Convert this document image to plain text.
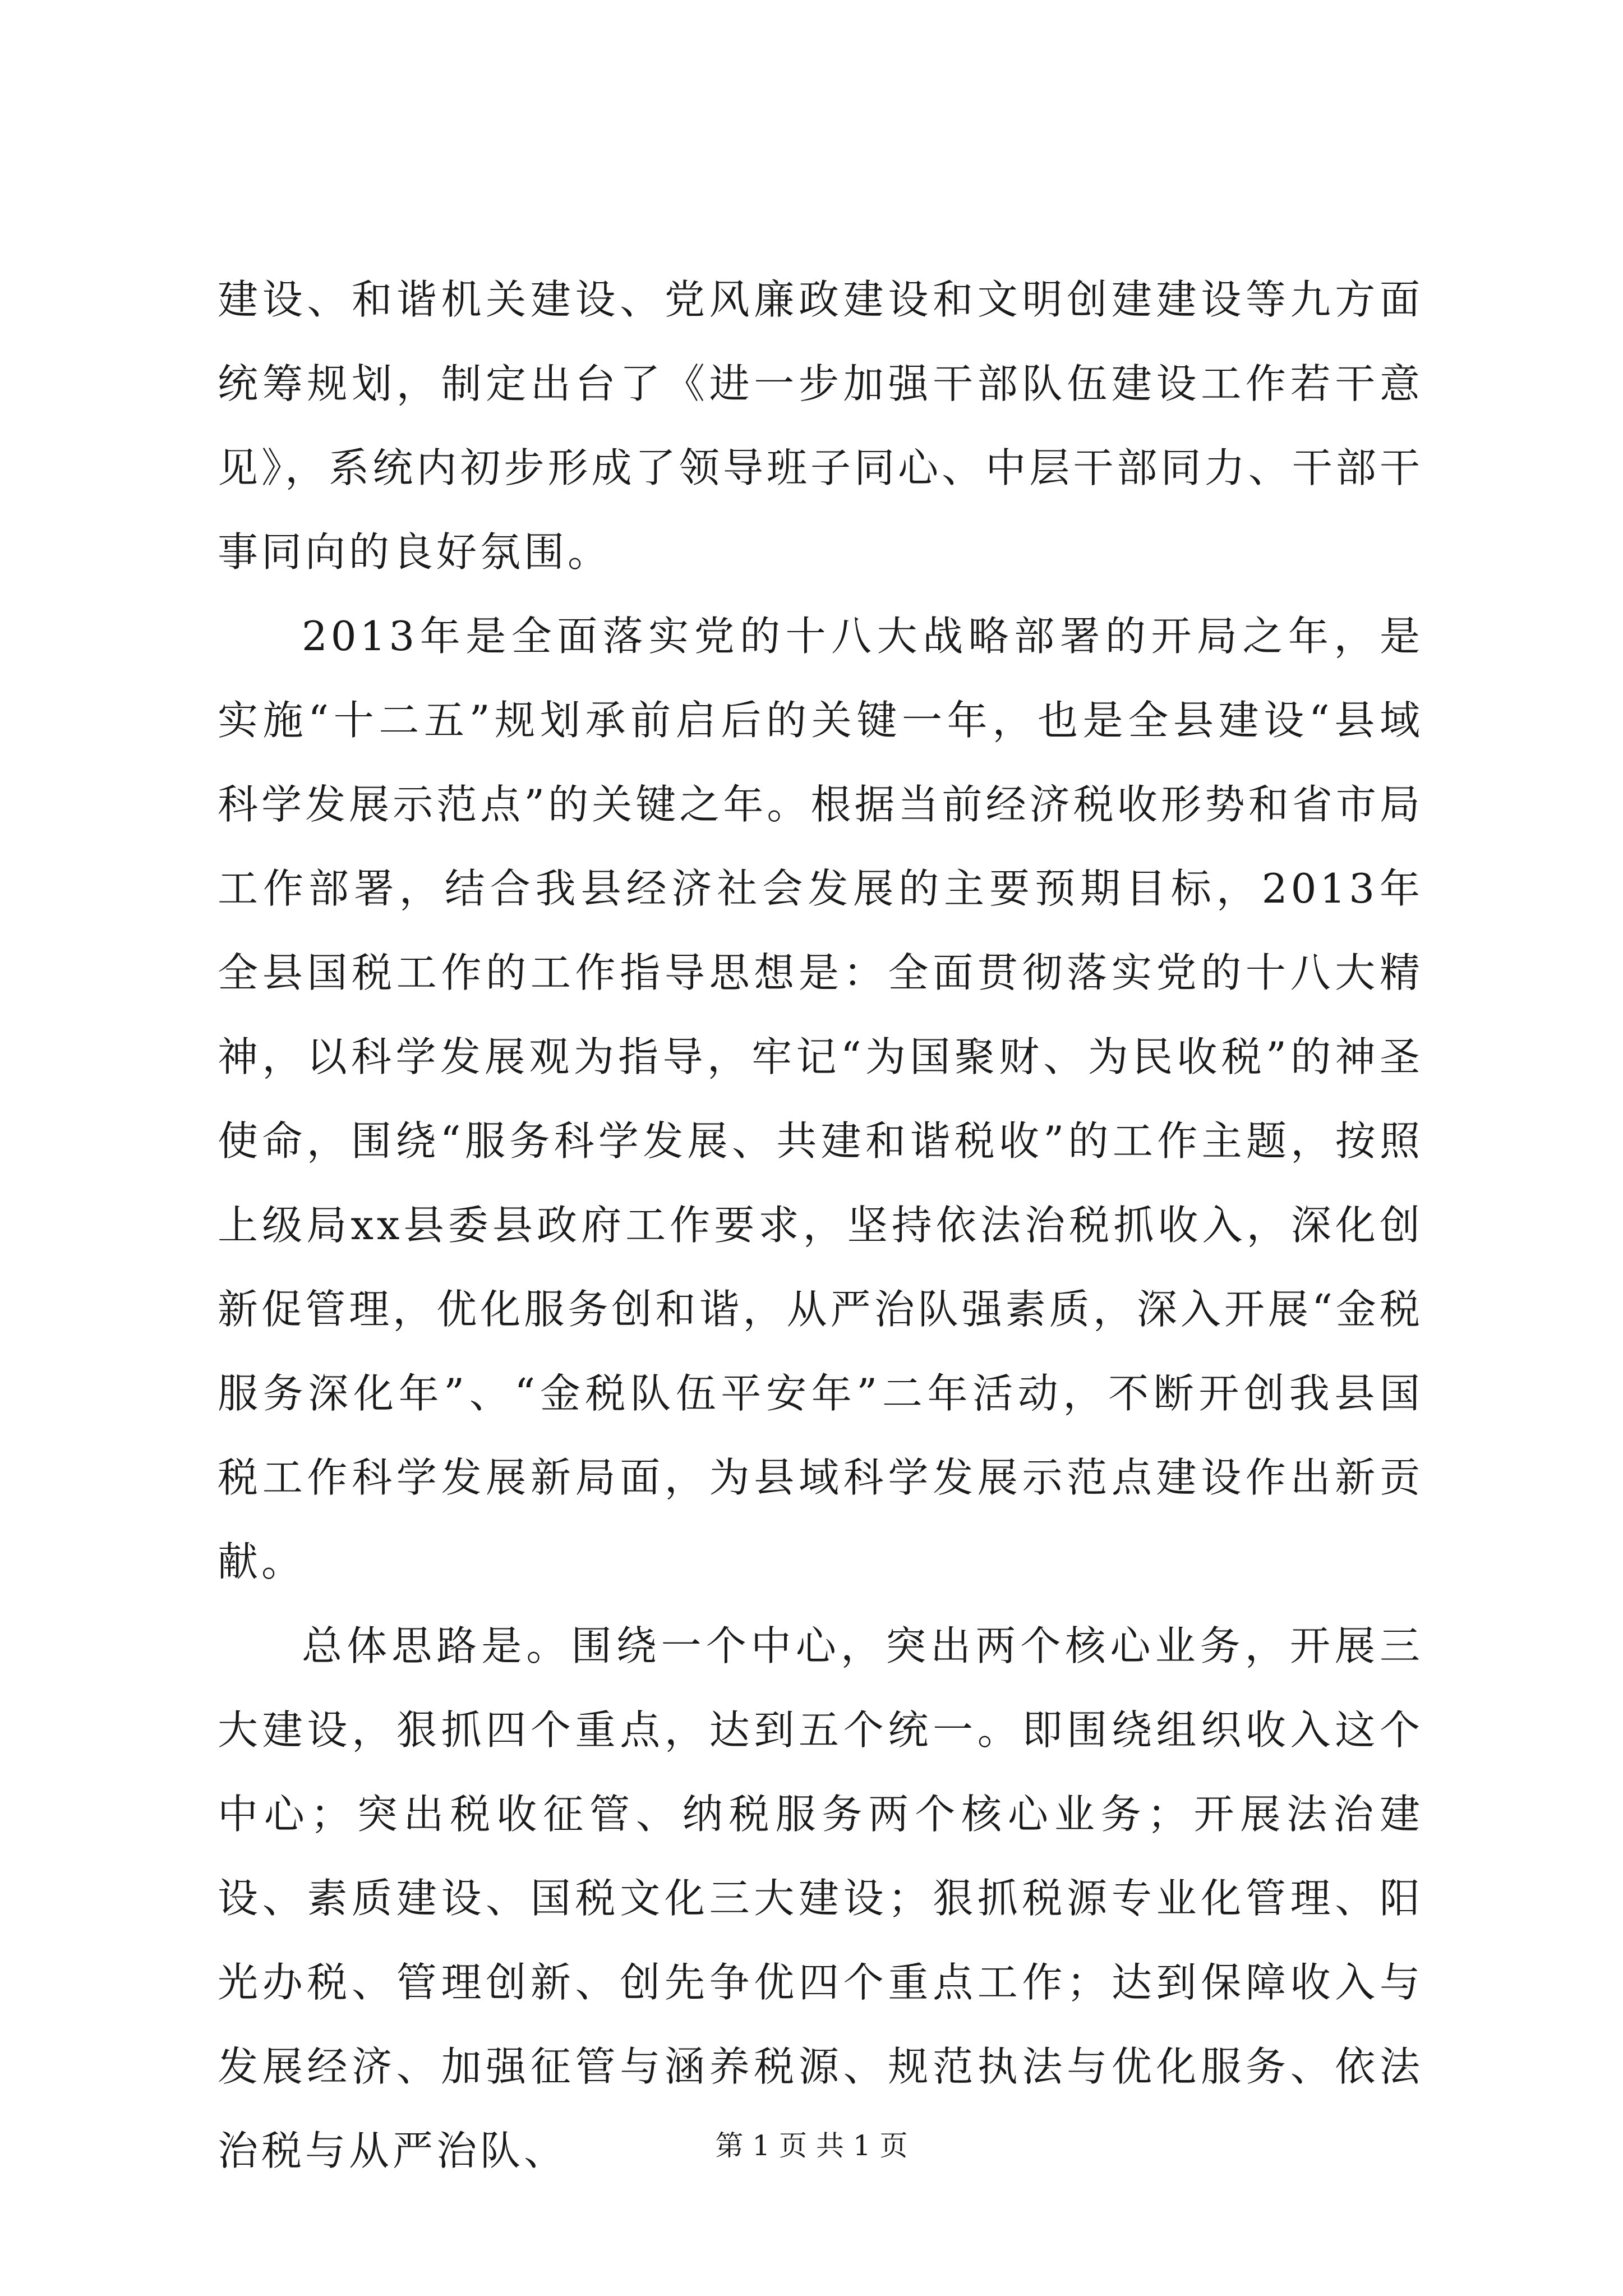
建设、和谐机关建设、党风廉政建设和文明创建建设等九方面统筹规划，制定出台了《进一步加强干部队伍建设工作若干意见》，系统内初步形成了领导班子同心、中层干部同力、干部干事同向的良好氛围。

2013年是全面落实党的十八大战略部署的开局之年，是实施“十二五”规划承前启后的关键一年，也是全县建设“县域科学发展示范点”的关键之年。根据当前经济税收形势和省市局工作部署，结合我县经济社会发展的主要预期目标，2013年全县国税工作的工作指导思想是：全面贯彻落实党的十八大精神，以科学发展观为指导，牢记“为国聚财、为民收税”的神圣使命，围绕“服务科学发展、共建和谐税收”的工作主题，按照上级局xx县委县政府工作要求，坚持依法治税抓收入，深化创新促管理，优化服务创和谐，从严治队强素质，深入开展“金税服务深化年”、“金税队伍平安年”二年活动，不断开创我县国税工作科学发展新局面，为县域科学发展示范点建设作出新贡献。

总体思路是。围绕一个中心，突出两个核心业务，开展三大建设，狠抓四个重点，达到五个统一。即围绕组织收入这个中心；突出税收征管、纳税服务两个核心业务；开展法治建设、素质建设、国税文化三大建设；狠抓税源专业化管理、阳光办税、管理创新、创先争优四个重点工作；达到保障收入与发展经济、加强征管与涵养税源、规范执法与优化服务、依法治税与从严治队、	第 1 页 共 1 页
